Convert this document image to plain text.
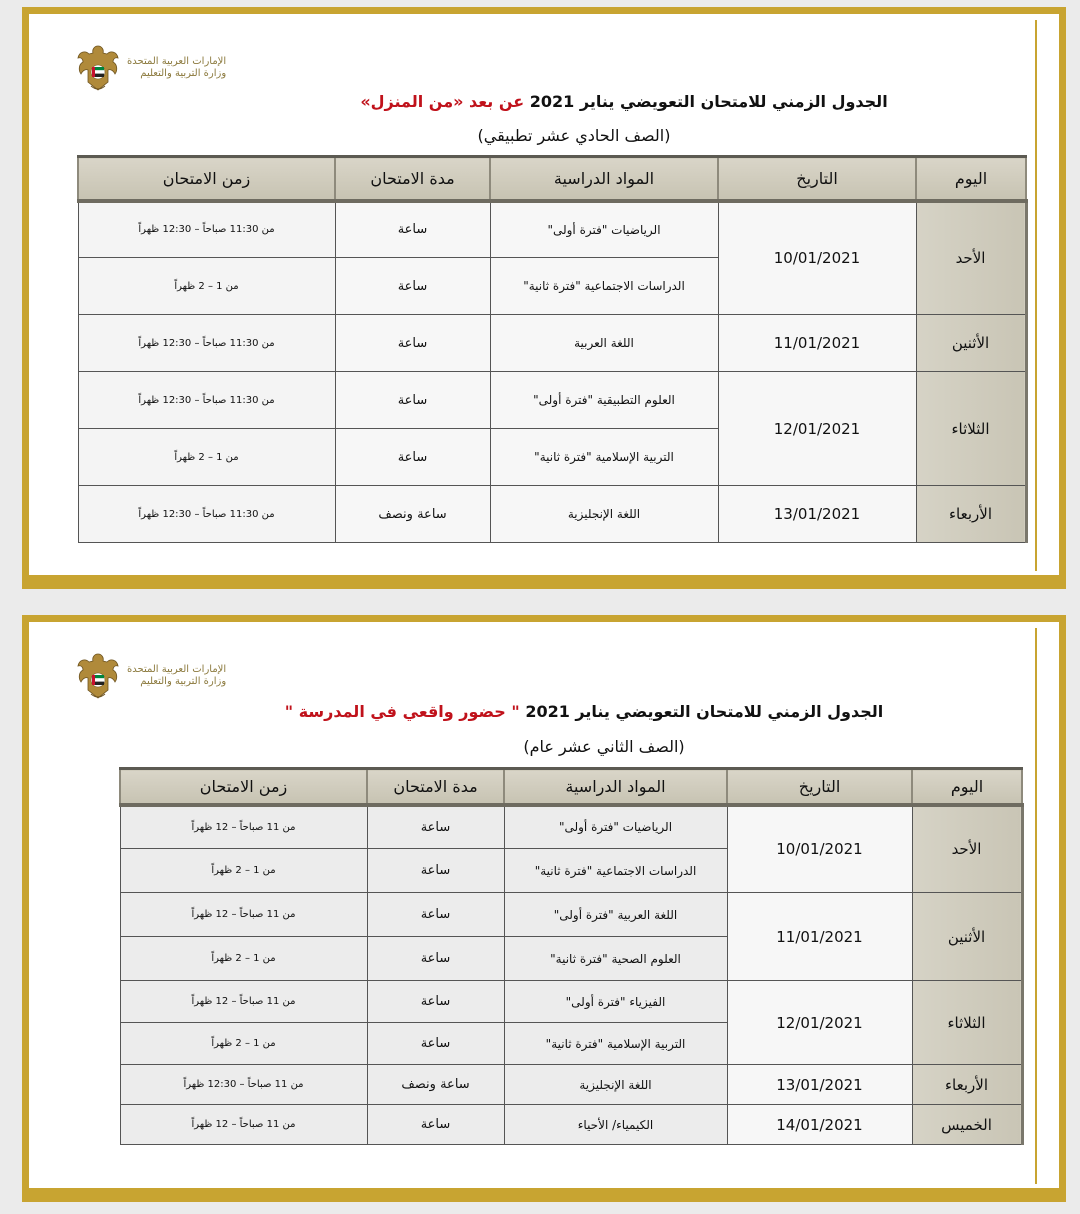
الإمارات العربية المتحدة
وزارة التربية والتعليم
الجدول الزمني للامتحان التعويضي يناير 2021 عن بعد «من المنزل»
(الصف الحادي عشر تطبيقي)
اليوم	التاريخ	المواد الدراسية	مدة الامتحان	زمن الامتحان
الأحد	10/01/2021	الرياضيات "فترة أولى"	ساعة	من 11:30 صباحاً – 12:30 ظهراً
		الدراسات الاجتماعية "فترة ثانية"	ساعة	من 1 – 2 ظهراً
الأثنين	11/01/2021	اللغة العربية	ساعة	من 11:30 صباحاً – 12:30 ظهراً
الثلاثاء	12/01/2021	العلوم التطبيقية "فترة أولى"	ساعة	من 11:30 صباحاً – 12:30 ظهراً
		التربية الإسلامية "فترة ثانية"	ساعة	من 1 – 2 ظهراً
الأربعاء	13/01/2021	اللغة الإنجليزية	ساعة ونصف	من 11:30 صباحاً – 12:30 ظهراً
الإمارات العربية المتحدة
وزارة التربية والتعليم
الجدول الزمني للامتحان التعويضي يناير 2021 " حضور واقعي في المدرسة "
(الصف الثاني عشر عام)
اليوم	التاريخ	المواد الدراسية	مدة الامتحان	زمن الامتحان
الأحد	10/01/2021	الرياضيات "فترة أولى"	ساعة	من 11 صباحاً – 12 ظهراً
		الدراسات الاجتماعية "فترة ثانية"	ساعة	من 1 – 2 ظهراً
الأثنين	11/01/2021	اللغة العربية "فترة أولى"	ساعة	من 11 صباحاً – 12 ظهراً
		العلوم الصحية "فترة ثانية"	ساعة	من 1 – 2 ظهراً
الثلاثاء	12/01/2021	الفيزياء "فترة أولى"	ساعة	من 11 صباحاً – 12 ظهراً
		التربية الإسلامية "فترة ثانية"	ساعة	من 1 – 2 ظهراً
الأربعاء	13/01/2021	اللغة الإنجليزية	ساعة ونصف	من 11 صباحاً – 12:30 ظهراً
الخميس	14/01/2021	الكيمياء/ الأحياء	ساعة	من 11 صباحاً – 12 ظهراً
